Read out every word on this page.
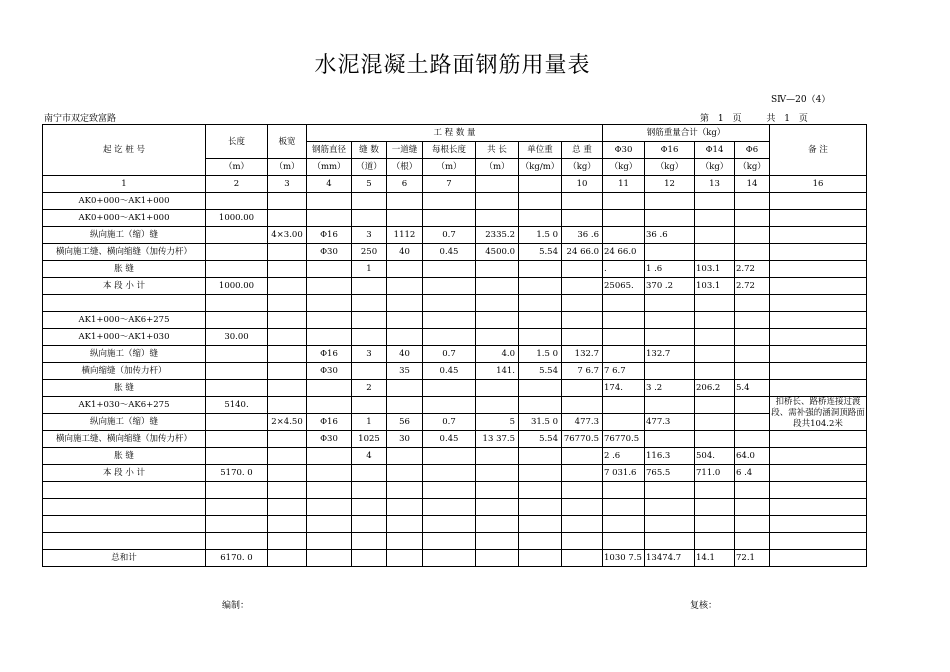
水泥混凝土路面钢筋用量表
SⅣ—20（4）
南宁市双定致富路	第 1 页	共 1 页
起 讫 桩 号	长度	板宽	工 程 数 量							钢筋重量合计（kg）				备 注
			钢筋直径	缝 数	一道缝	每根长度	共 长	单位重	总 重	Φ30	Φ16	Φ14	Φ6	
	（m）	（m）	（mm）	（道）	（根）	（m）	（m）	（kg/m）	（kg）	（kg）	（kg）	（kg）	（kg）	
1	2	3	4	5	6	7			10	11	12	13	14	16
AK0+000～AK1+000														
AK0+000～AK1+000	1000.00													
纵向施工（缩）缝		4×3.00	Φ16	3	1112	0.7	2335.2	1.5 0	36 .6		36 .6			
横向施工缝、横向缩缝（加传力杆）			Φ30	250	40	0.45	4500.0	5.54	24 66.0	24 66.0				
胀 缝				1						.	1 .6	103.1	2.72	
本 段 小 计	1000.00									25065.	370 .2	103.1	2.72	

AK1+000～AK6+275														
AK1+000～AK1+030	30.00													
纵向施工（缩）缝			Φ16	3	40	0.7	4.0	1.5 0	132.7		132.7			
横向缩缝（加传力杆）			Φ30		35	0.45	141.	5.54	7 6.7	7 6.7				
胀 缝				2						174.	3 .2	206.2	5.4	
AK1+030～AK6+275	5140.													扣桥长、路桥连接过渡段、需补强的涵洞顶路面段共104.2米
纵向施工（缩）缝		2×4.50	Φ16	1	56	0.7	5	31.5 0	477.3		477.3			
横向施工缝、横向缩缝（加传力杆）			Φ30	1025	30	0.45	13 37.5	5.54	76770.5	76770.5				
胀 缝				4						2 .6	116.3	504.	64.0	
本 段 小 计	5170. 0									7 031.6	765.5	711.0	6 .4	

总和计	6170. 0									1030 7.5	13474.7	14.1	72.1	
编制：	复核：
